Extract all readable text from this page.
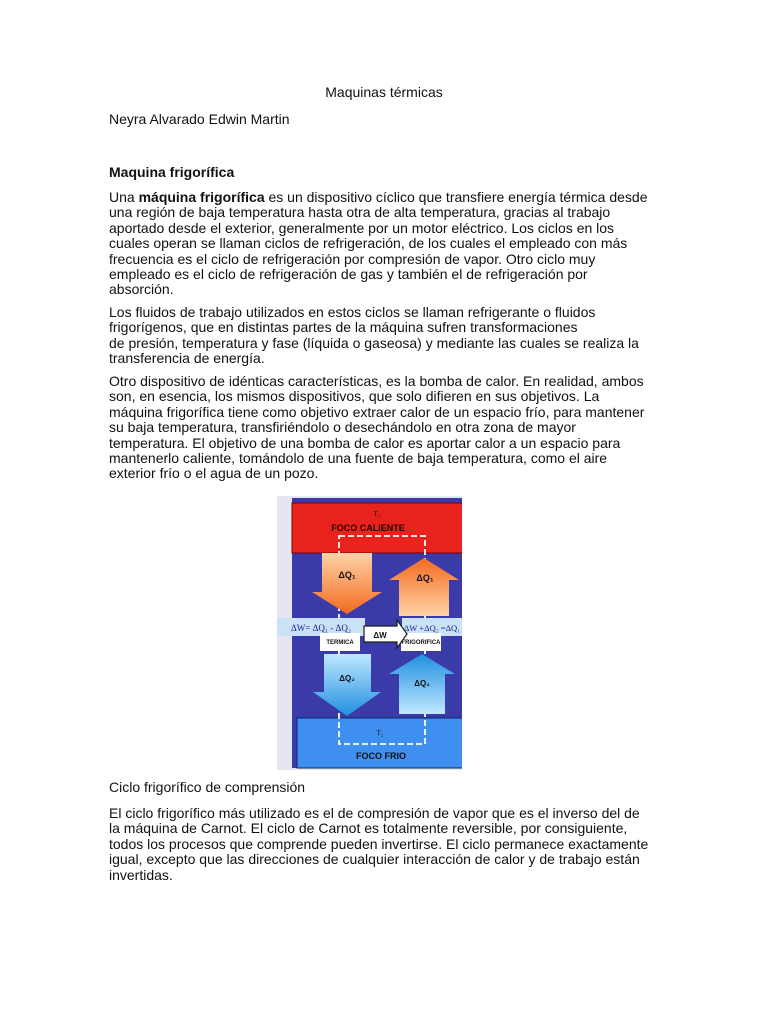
Maquinas térmicas
Neyra Alvarado Edwin Martin
Maquina frigorífica

Una máquina frigorífica es un dispositivo cíclico que transfiere energía térmica desde
una región de baja temperatura hasta otra de alta temperatura, gracias al trabajo
aportado desde el exterior, generalmente por un motor eléctrico. Los ciclos en los
cuales operan se llaman ciclos de refrigeración, de los cuales el empleado con más
frecuencia es el ciclo de refrigeración por compresión de vapor. Otro ciclo muy
empleado es el ciclo de refrigeración de gas y también el de refrigeración por
absorción.

Los fluidos de trabajo utilizados en estos ciclos se llaman refrigerante o fluidos
frigorígenos, que en distintas partes de la máquina sufren transformaciones
de presión, temperatura y fase (líquida o gaseosa) y mediante las cuales se realiza la
transferencia de energía.

Otro dispositivo de idénticas características, es la bomba de calor. En realidad, ambos
son, en esencia, los mismos dispositivos, que solo difieren en sus objetivos. La
máquina frigorífica tiene como objetivo extraer calor de un espacio frío, para mantener
su baja temperatura, transfiriéndolo o desechándolo en otra zona de mayor
temperatura. El objetivo de una bomba de calor es aportar calor a un espacio para
mantenerlo caliente, tomándolo de una fuente de baja temperatura, como el aire
exterior frío o el agua de un pozo.

T₁
FOCO CALIENTE
T₂
FOCO FRIO
ΔQ₁	ΔQ₁
ΔW= ΔQ₁ - ΔQ₂	ΔW +ΔQ₂ =ΔQ₁
TERMICA	FRIGORIFICA
ΔW
ΔQ₂
ΔQ₂
Ciclo frigorífico de comprensión

El ciclo frigorífico más utilizado es el de compresión de vapor que es el inverso del de
la máquina de Carnot. El ciclo de Carnot es totalmente reversible, por consiguiente,
todos los procesos que comprende pueden invertirse. El ciclo permanece exactamente
igual, excepto que las direcciones de cualquier interacción de calor y de trabajo están
invertidas.
